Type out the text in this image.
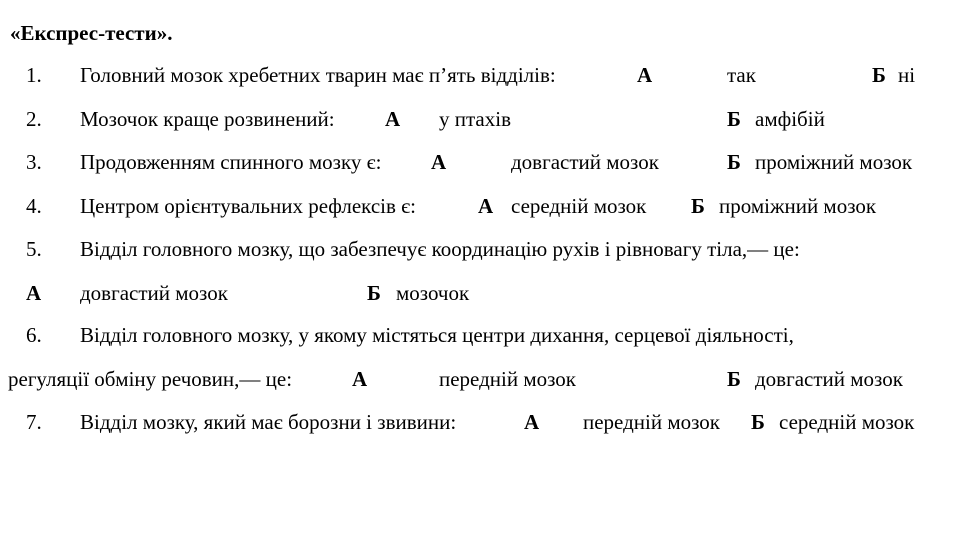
«Експрес-тести».
1. Головний мозок хребетних тварин має п’ять відділів:	А	так	Б ні
2. Мозочок краще розвинений: А у птахів	Б амфібій
3. Продовженням спинного мозку є: А	довгастий мозок	Б проміжний мозок
4. Центром орієнтувальних рефлексів є:	А середній мозок Б проміжний мозок
5. Відділ головного мозку, що забезпечує координацію рухів і рівновагу тіла,— це:
А довгастий мозок	Б мозочок
6. Відділ головного мозку, у якому містяться центри дихання, серцевої діяльності,
регуляції обміну речовин,— це:	А	передній мозок	Б довгастий мозок
7. Відділ мозку, який має борозни і звивини:	А передній мозок Б середній мозок
